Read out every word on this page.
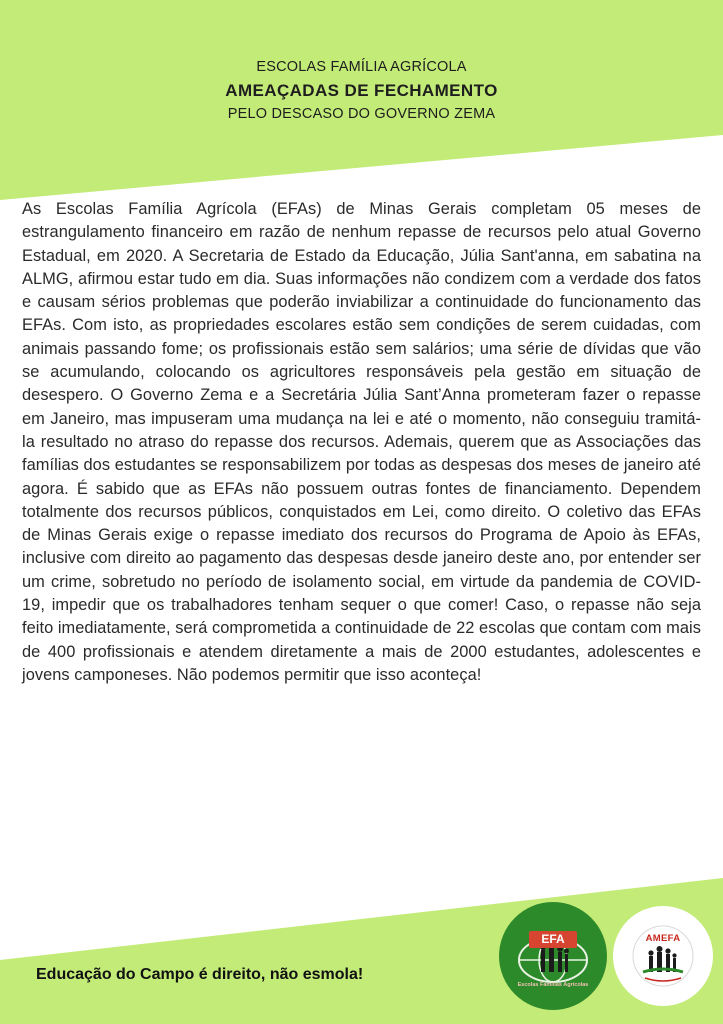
ESCOLAS FAMÍLIA AGRÍCOLA
AMEAÇADAS DE FECHAMENTO
PELO DESCASO DO GOVERNO ZEMA
As Escolas Família Agrícola (EFAs) de Minas Gerais completam 05 meses de estrangulamento financeiro em razão de nenhum repasse de recursos pelo atual Governo Estadual, em 2020. A Secretaria de Estado da Educação, Júlia Sant'anna, em sabatina na ALMG, afirmou estar tudo em dia. Suas informações não condizem com a verdade dos fatos e causam sérios problemas que poderão inviabilizar a continuidade do funcionamento das EFAs. Com isto, as propriedades escolares estão sem condições de serem cuidadas, com animais passando fome; os profissionais estão sem salários; uma série de dívidas que vão se acumulando, colocando os agricultores responsáveis pela gestão em situação de desespero. O Governo Zema e a Secretária Júlia Sant’Anna prometeram fazer o repasse em Janeiro, mas impuseram uma mudança na lei e até o momento, não conseguiu tramitá-la resultado no atraso do repasse dos recursos. Ademais, querem que as Associações das famílias dos estudantes se responsabilizem por todas as despesas dos meses de janeiro até agora. É sabido que as EFAs não possuem outras fontes de financiamento. Dependem totalmente dos recursos públicos, conquistados em Lei, como direito. O coletivo das EFAs de Minas Gerais exige o repasse imediato dos recursos do Programa de Apoio às EFAs, inclusive com direito ao pagamento das despesas desde janeiro deste ano, por entender ser um crime, sobretudo no período de isolamento social, em virtude da pandemia de COVID-19, impedir que os trabalhadores tenham sequer o que comer! Caso, o repasse não seja feito imediatamente, será comprometida a continuidade de 22 escolas que contam com mais de 400 profissionais e atendem diretamente a mais de 2000 estudantes, adolescentes e jovens camponeses. Não podemos permitir que isso aconteça!
Educação do Campo é direito, não esmola!
EFA
Escolas Famílias Agrícolas
AMEFA
